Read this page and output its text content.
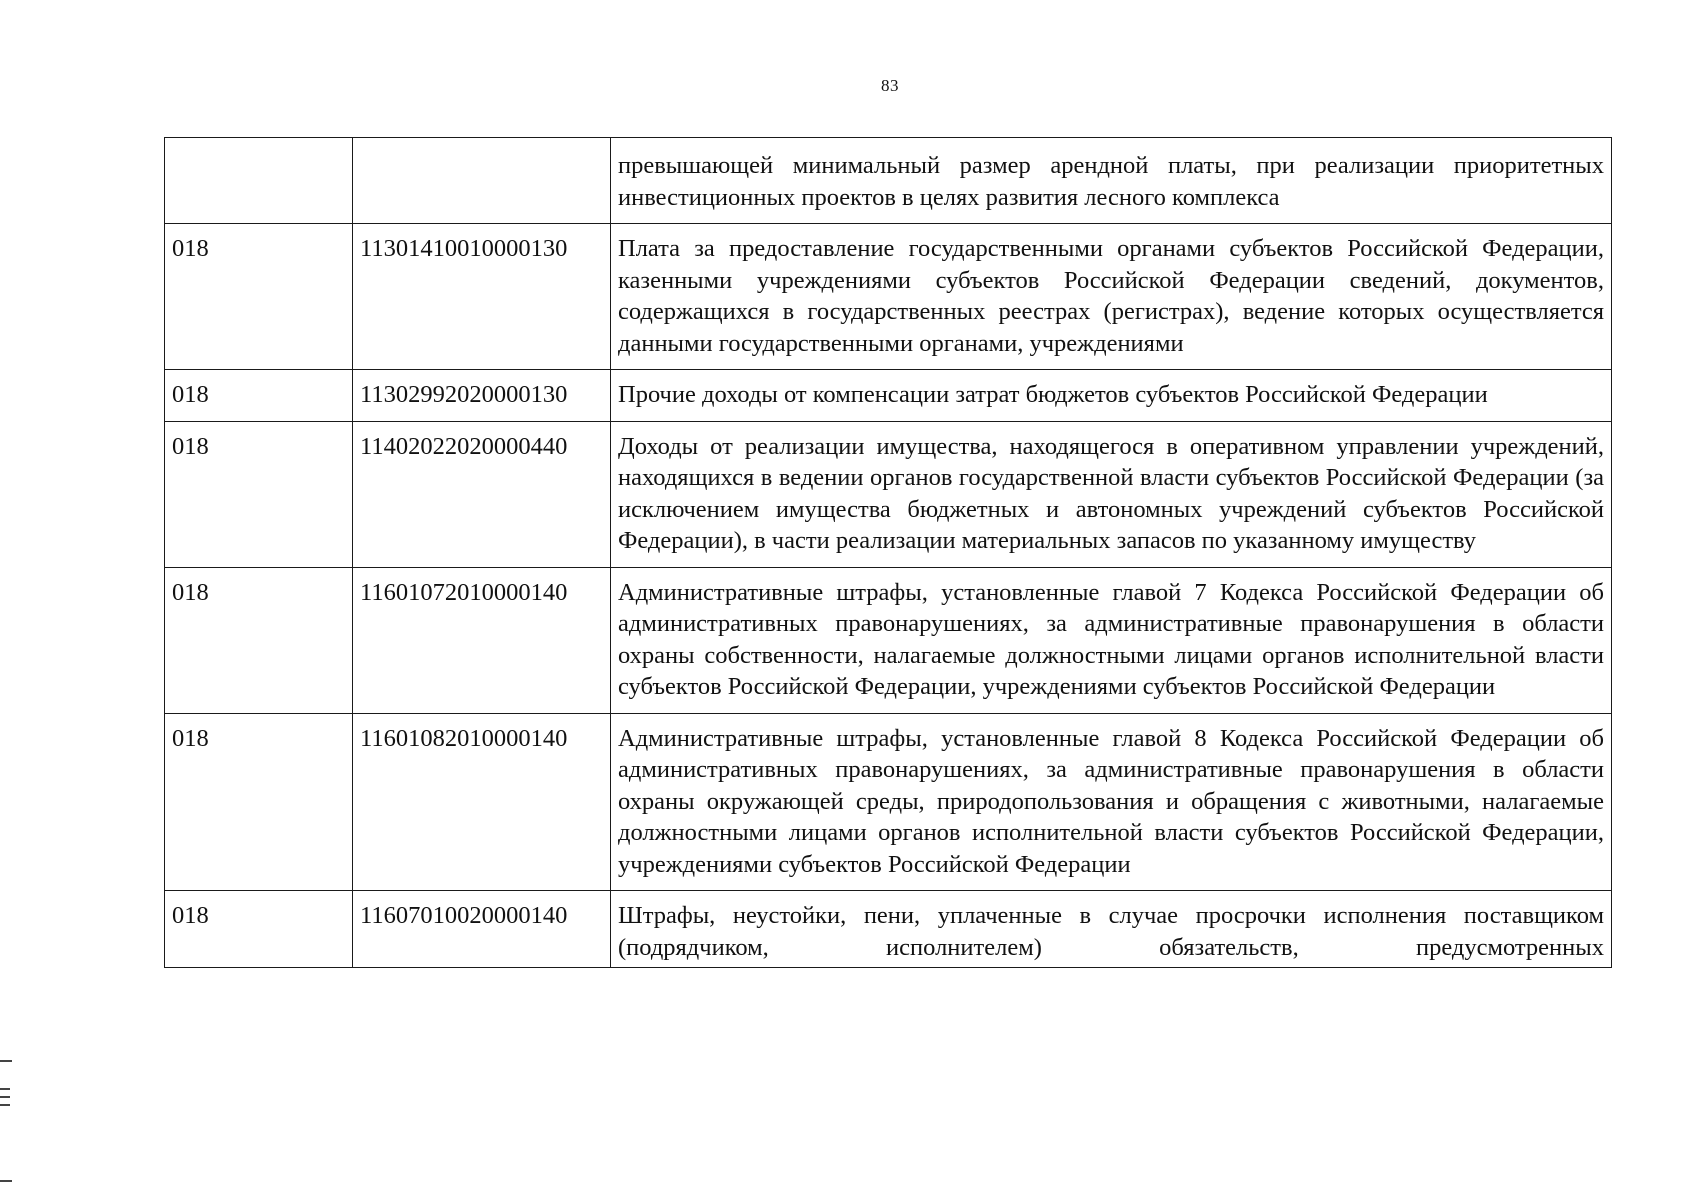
83

		превышающей минимальный размер арендной платы, при реализации приоритетных инвестиционных проектов в целях развития лесного комплекса

018	11301410010000130	Плата за предоставление государственными органами субъектов Российской Федерации, казенными учреждениями субъектов Российской Федерации сведений, документов, содержащихся в государственных реестрах (регистрах), ведение которых осуществляется данными государственными органами, учреждениями

018	11302992020000130	Прочие доходы от компенсации затрат бюджетов субъектов Российской Федерации

018	11402022020000440	Доходы от реализации имущества, находящегося в оперативном управлении учреждений, находящихся в ведении органов государственной власти субъектов Российской Федерации (за исключением имущества бюджетных и автономных учреждений субъектов Российской Федерации), в части реализации материальных запасов по указанному имуществу

018	11601072010000140	Административные штрафы, установленные главой 7 Кодекса Российской Федерации об административных правонарушениях, за административные правонарушения в области охраны собственности, налагаемые должностными лицами органов исполнительной власти субъектов Российской Федерации, учреждениями субъектов Российской Федерации

018	11601082010000140	Административные штрафы, установленные главой 8 Кодекса Российской Федерации об административных правонарушениях, за административные правонарушения в области охраны окружающей среды, природопользования и обращения с животными, налагаемые должностными лицами органов исполнительной власти субъектов Российской Федерации, учреждениями субъектов Российской Федерации

018	11607010020000140	Штрафы, неустойки, пени, уплаченные в случае просрочки исполнения поставщиком (подрядчиком, исполнителем) обязательств, предусмотренных
